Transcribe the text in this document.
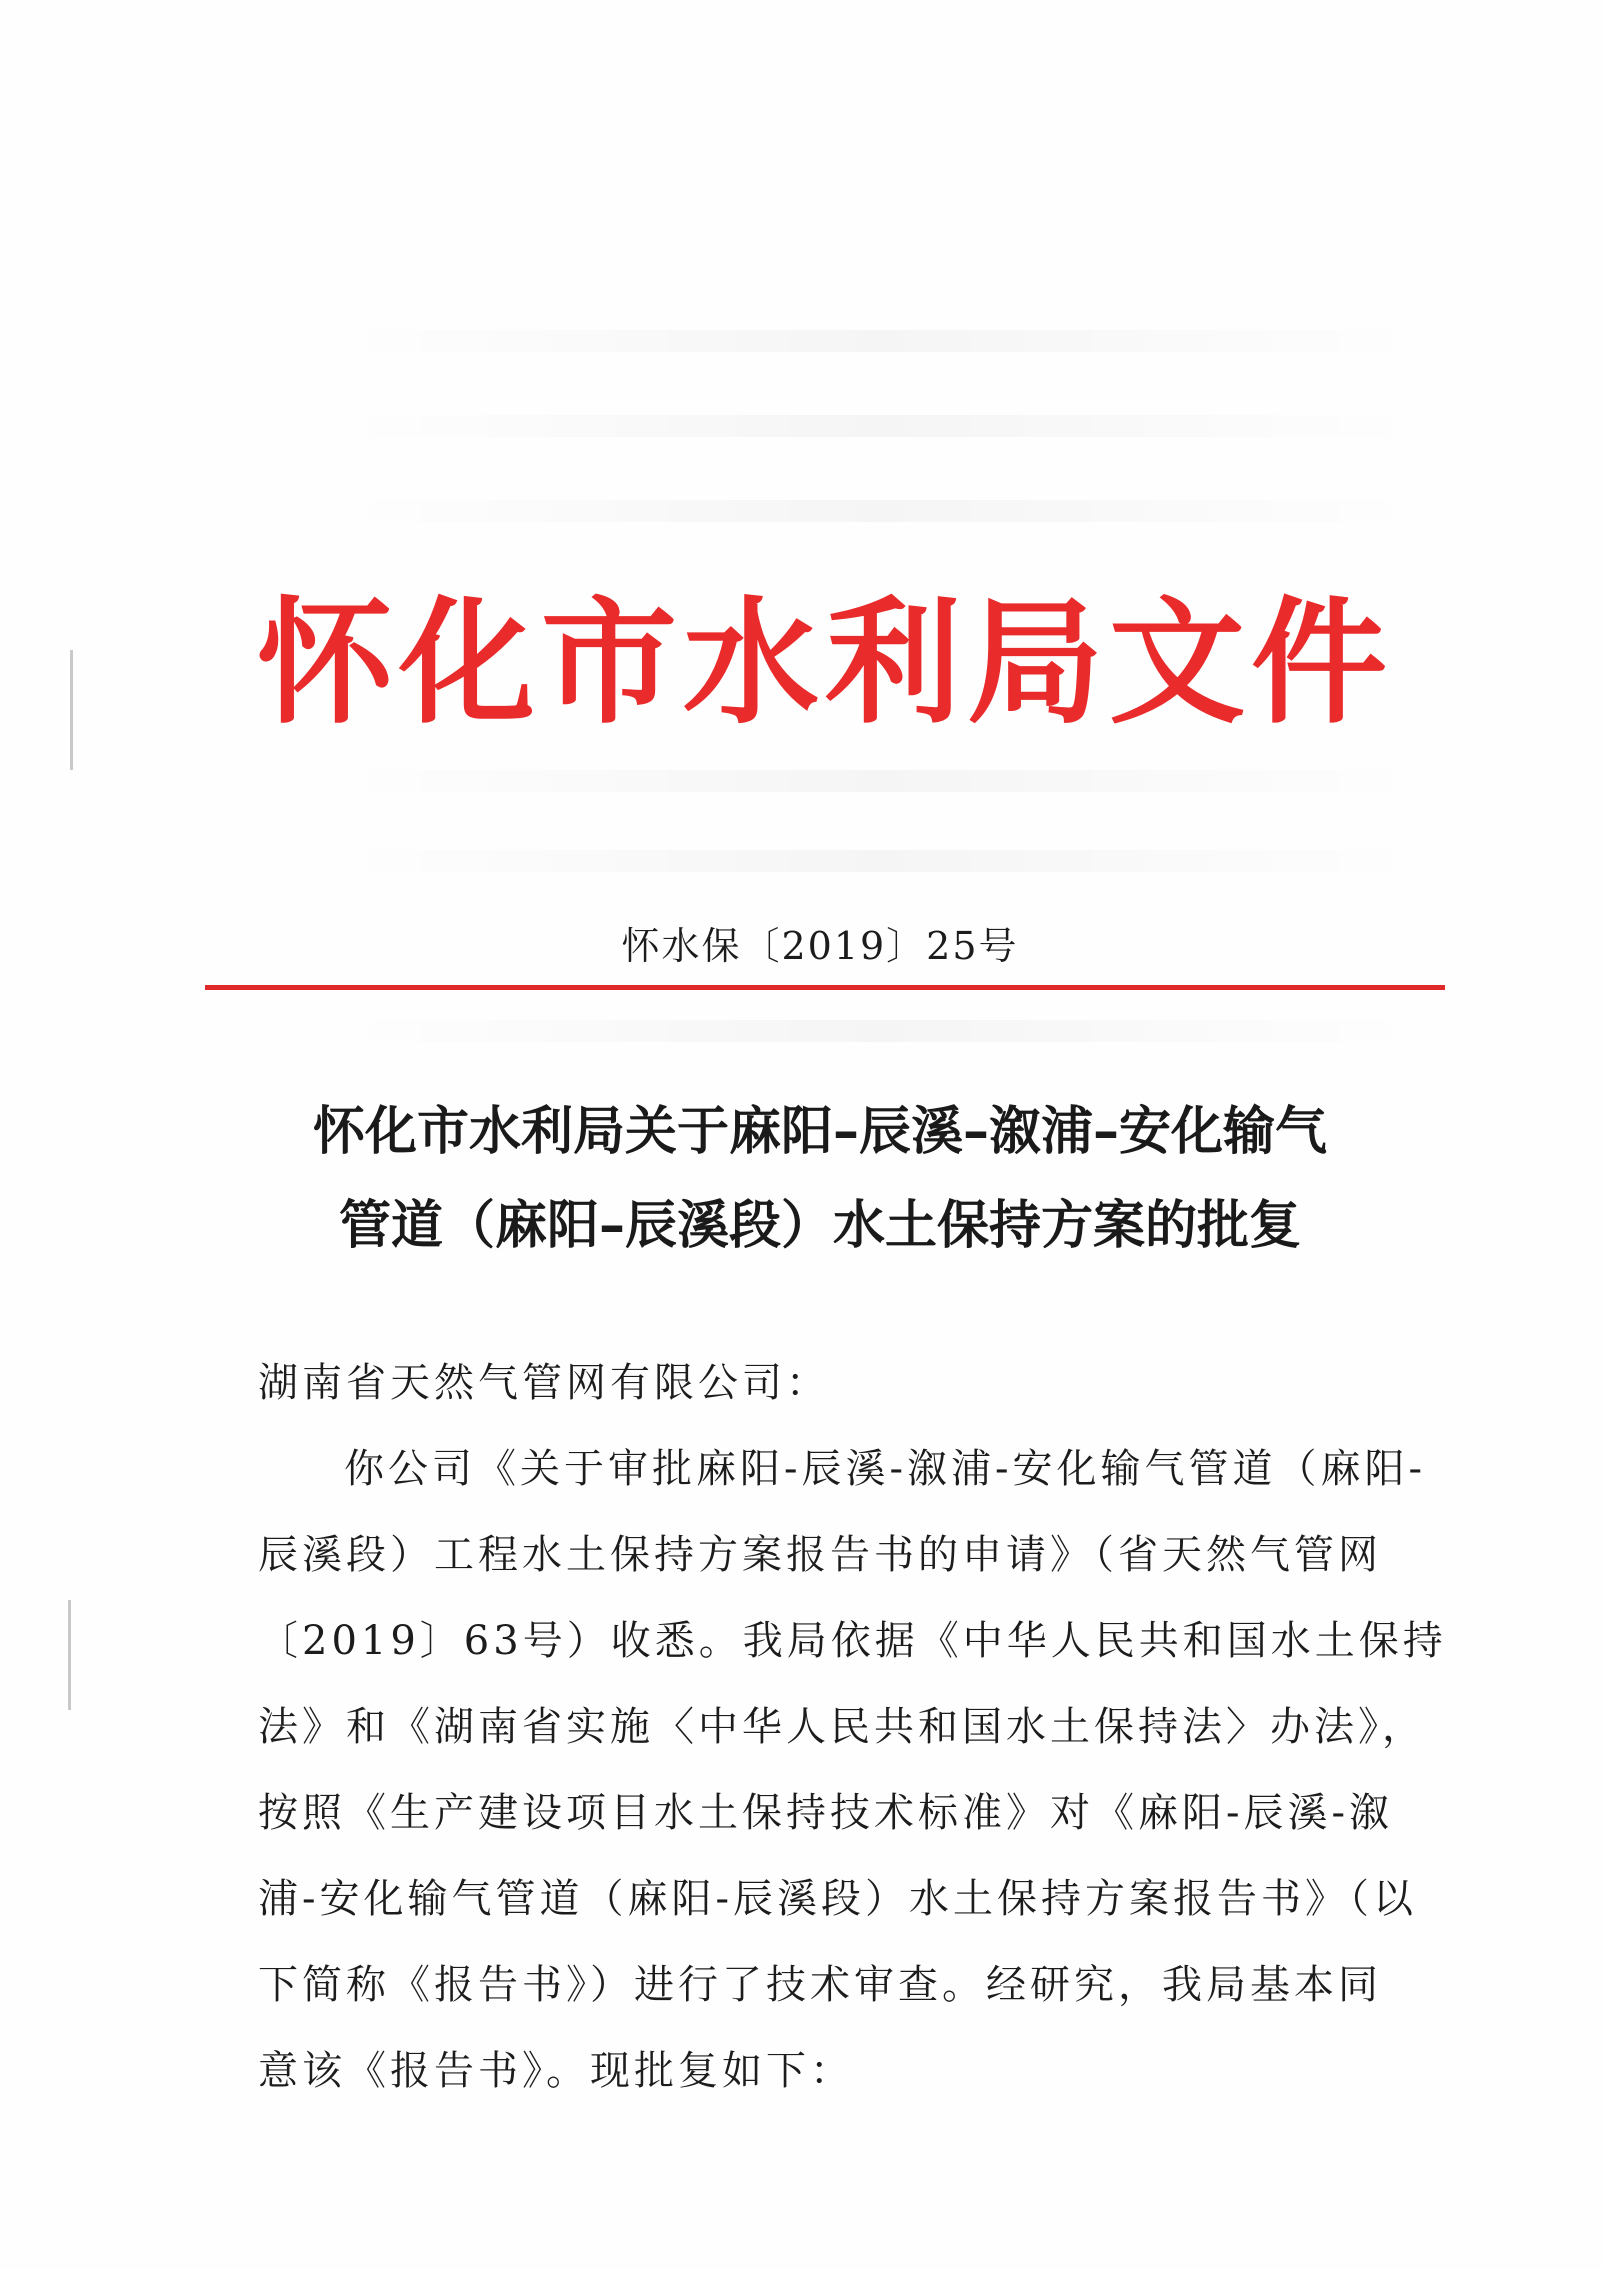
怀化市水利局文件
怀水保〔2019〕25号
怀化市水利局关于麻阳–辰溪–溆浦–安化输气
管道（麻阳–辰溪段）水土保持方案的批复
湖南省天然气管网有限公司：
你公司《关于审批麻阳-辰溪-溆浦-安化输气管道（麻阳-
辰溪段）工程水土保持方案报告书的申请》（省天然气管网
〔2019〕63号）收悉。我局依据《中华人民共和国水土保持
法》和《湖南省实施〈中华人民共和国水土保持法〉办法》，
按照《生产建设项目水土保持技术标准》对《麻阳-辰溪-溆
浦-安化输气管道（麻阳-辰溪段）水土保持方案报告书》（以
下简称《报告书》）进行了技术审查。经研究，我局基本同
意该《报告书》。现批复如下：
